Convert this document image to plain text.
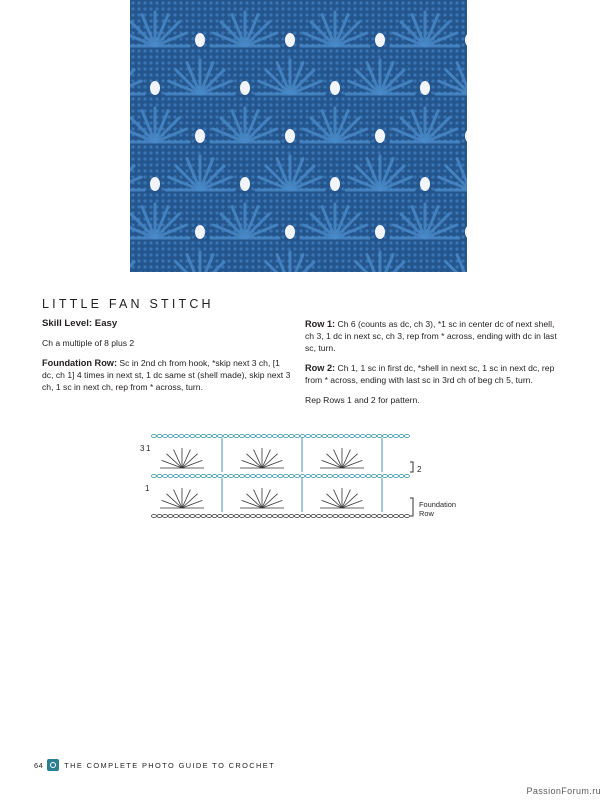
LITTLE FAN STITCH

Skill Level: Easy

Ch a multiple of 8 plus 2

Foundation Row: Sc in 2nd ch from hook, *skip next 3 ch, [1 dc, ch 1] 4 times in next st, 1 dc same st (shell made), skip next 3 ch, 1 sc in next ch, rep from * across, turn.

Row 1: Ch 6 (counts as dc, ch 3), *1 sc in center dc of next shell, ch 3, 1 dc in next sc, ch 3, rep from * across, ending with dc in last sc, turn.

Row 2: Ch 1, 1 sc in first dc, *shell in next sc, 1 sc in next dc, rep from * across, ending with last sc in 3rd ch of beg ch 5, turn.

Rep Rows 1 and 2 for pattern.

3 1
1
2
Foundation
Row
64	THE COMPLETE PHOTO GUIDE TO CROCHET
PassionForum.ru
